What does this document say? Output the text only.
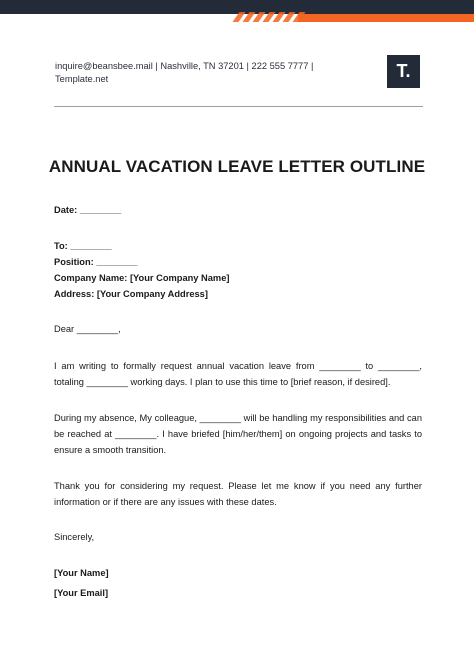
inquire@beansbee.mail | Nashville, TN 37201 | 222 555 7777 |
Template.net	T.
ANNUAL VACATION LEAVE LETTER OUTLINE
Date: ________
To: ________
Position: ________
Company Name: [Your Company Name]
Address: [Your Company Address]
Dear ________,
I am writing to formally request annual vacation leave from ________ to ________, totaling ________ working days. I plan to use this time to [brief reason, if desired].
During my absence, My colleague, ________ will be handling my responsibilities and can be reached at ________. I have briefed [him/her/them] on ongoing projects and tasks to ensure a smooth transition.
Thank you for considering my request. Please let me know if you need any further information or if there are any issues with these dates.
Sincerely,
[Your Name]
[Your Email]
